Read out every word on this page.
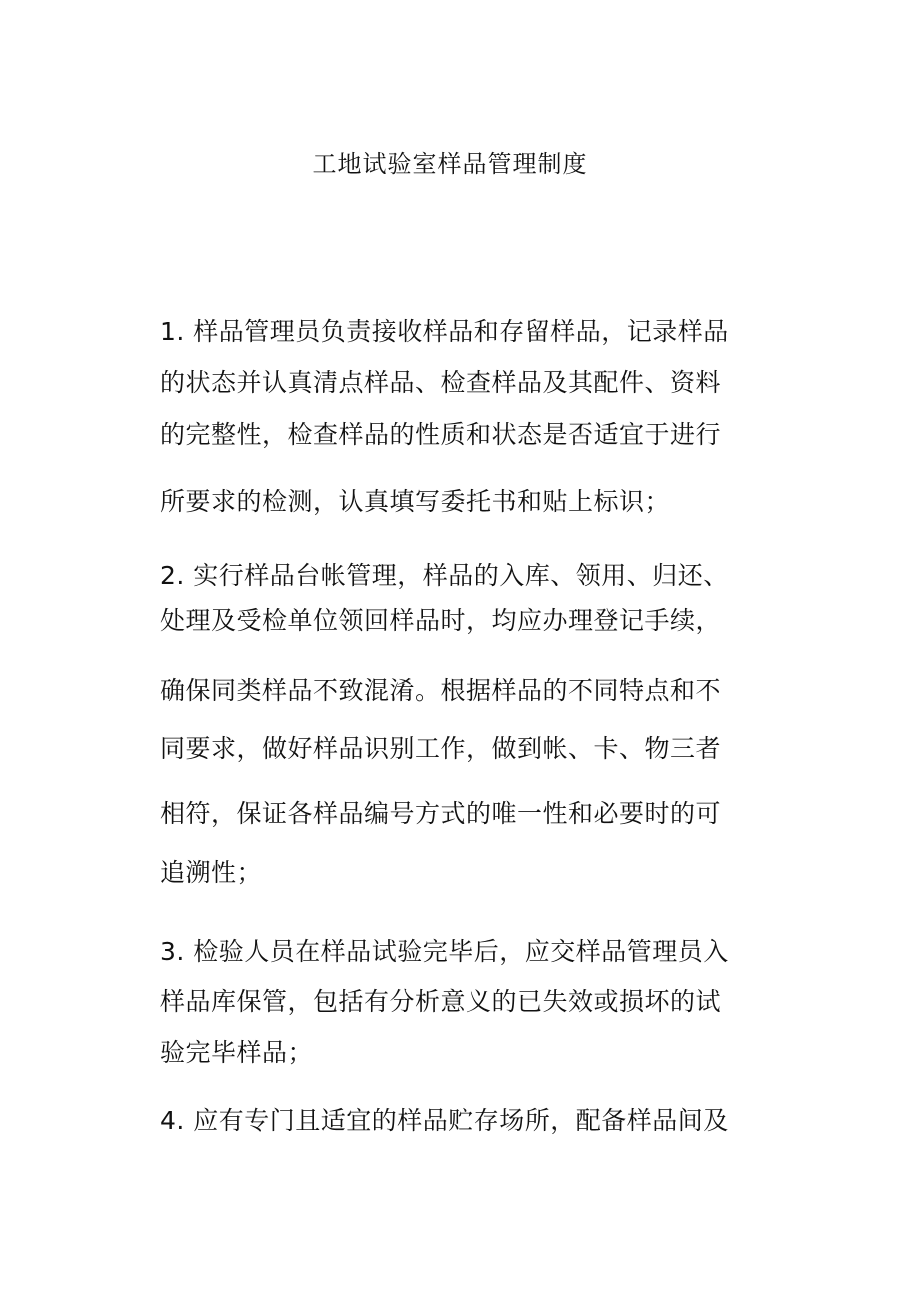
工地试验室样品管理制度
1. 样品管理员负责接收样品和存留样品，记录样品
的状态并认真清点样品、检查样品及其配件、资料
的完整性，检查样品的性质和状态是否适宜于进行
所要求的检测，认真填写委托书和贴上标识；
2. 实行样品台帐管理，样品的入库、领用、归还、
处理及受检单位领回样品时，均应办理登记手续，
确保同类样品不致混淆。根据样品的不同特点和不
同要求，做好样品识别工作，做到帐、卡、物三者
相符，保证各样品编号方式的唯一性和必要时的可
追溯性；
3. 检验人员在样品试验完毕后，应交样品管理员入
样品库保管，包括有分析意义的已失效或损坏的试
验完毕样品；
4. 应有专门且适宜的样品贮存场所，配备样品间及
